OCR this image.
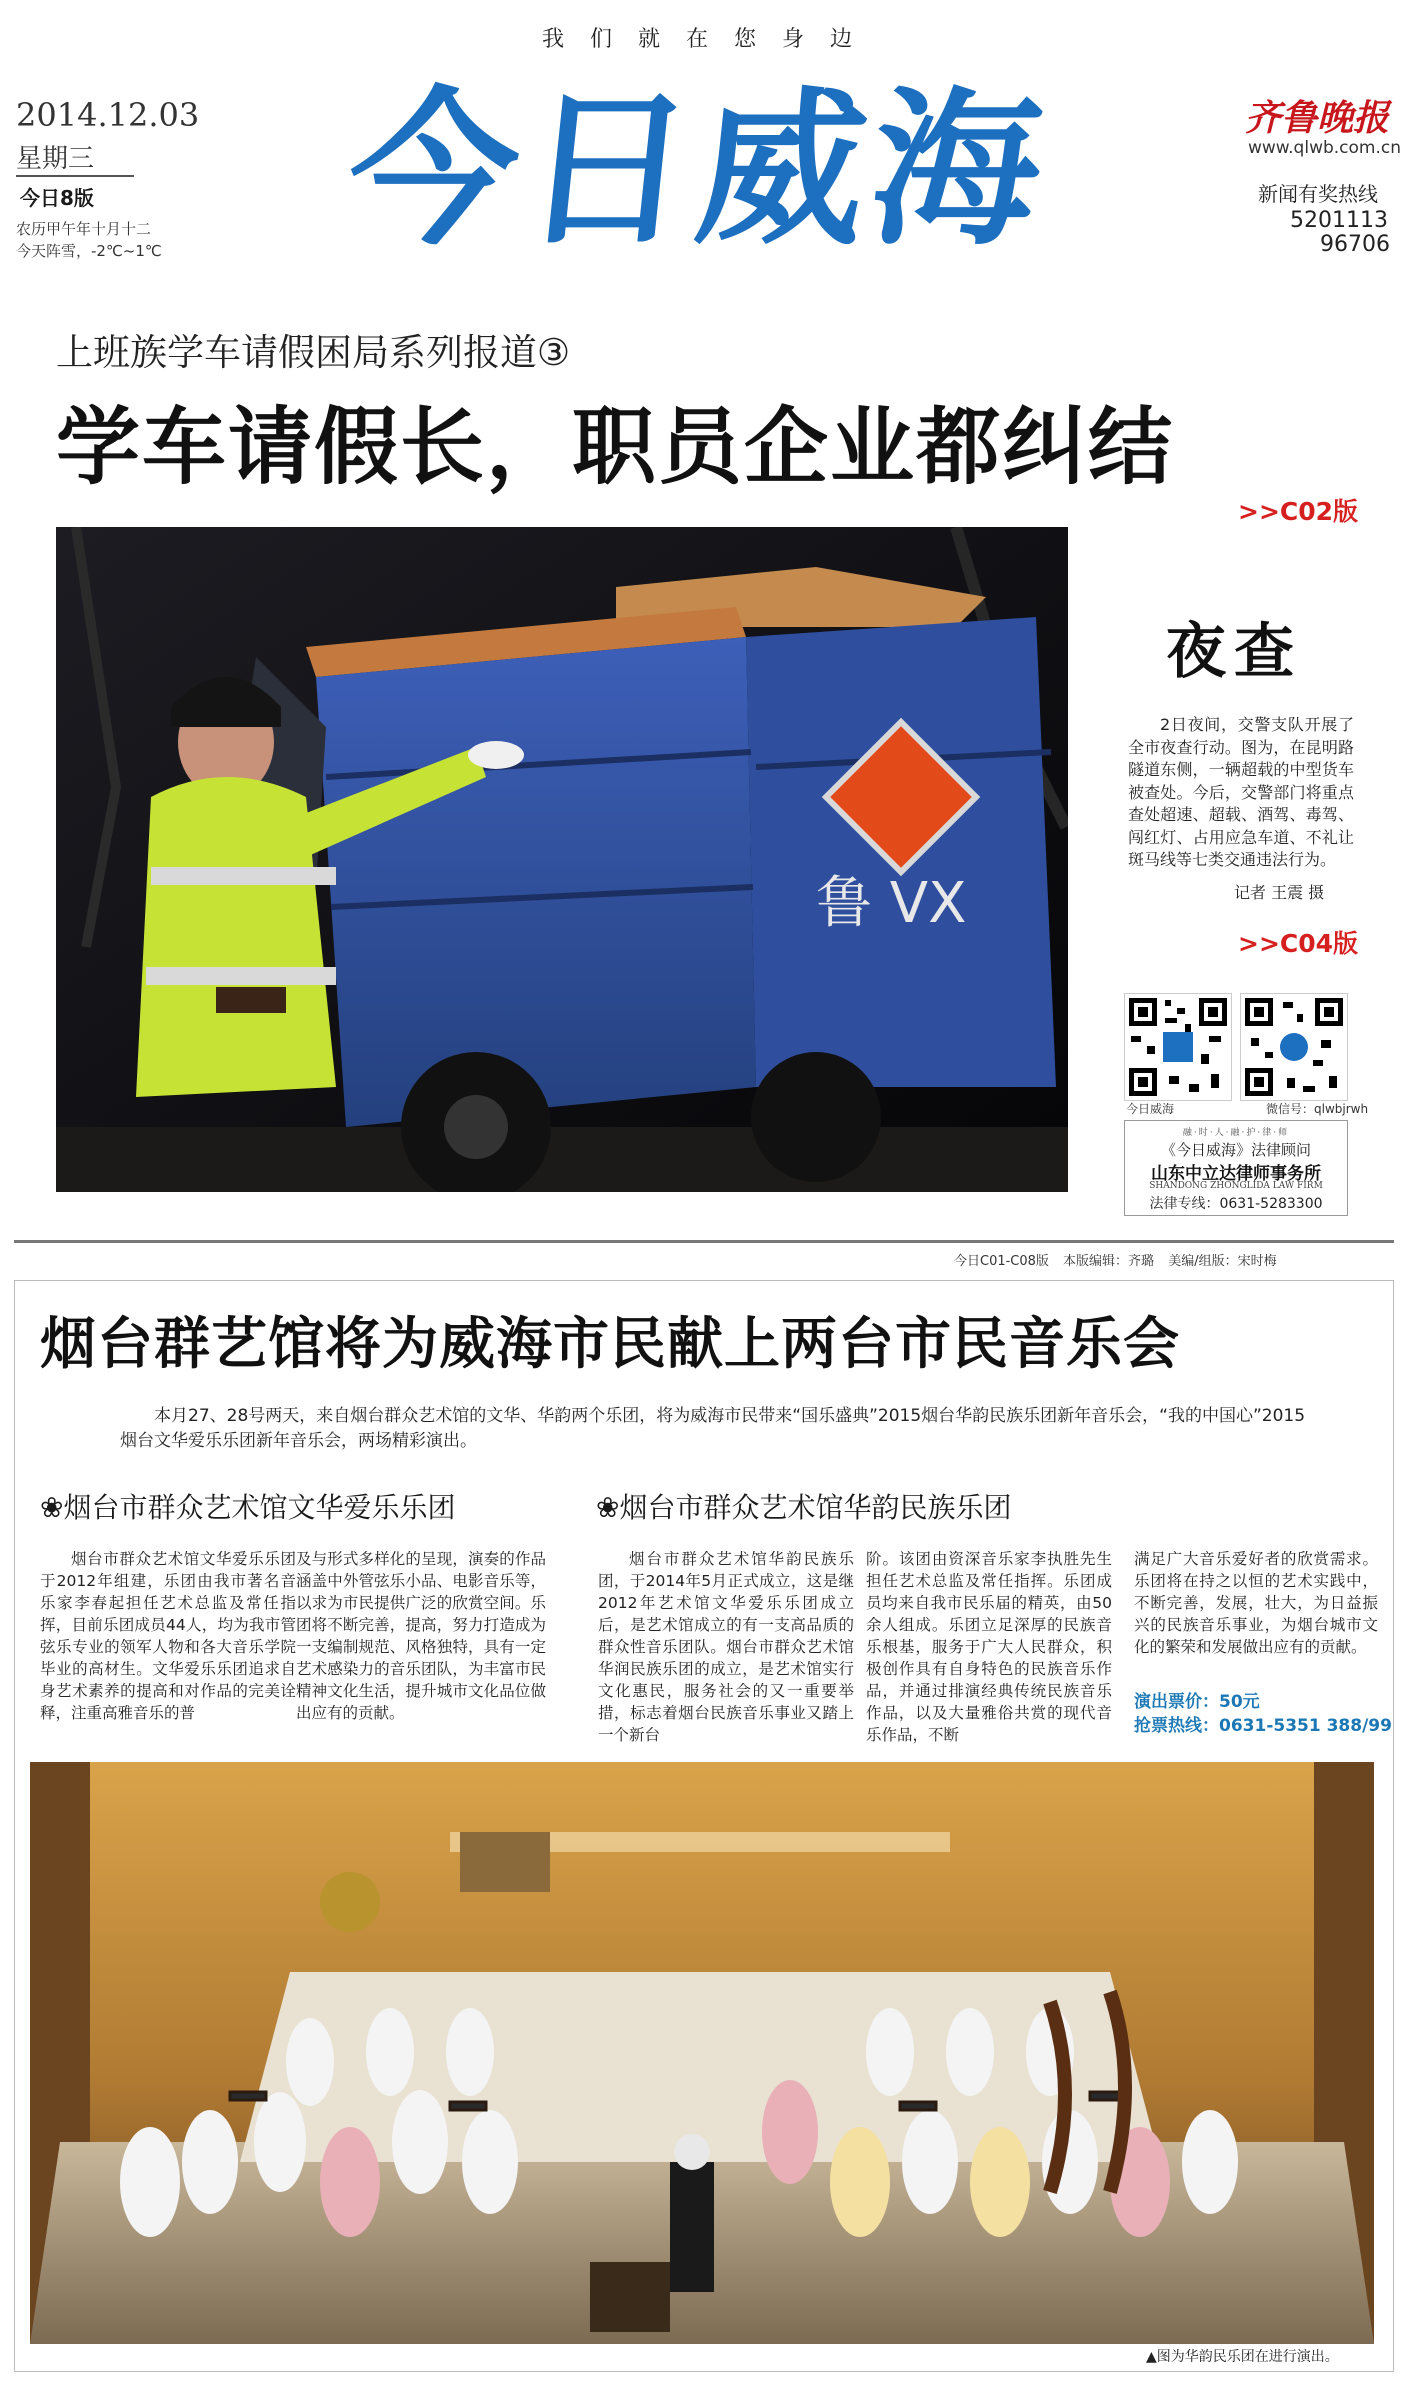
我们就在您身边
2014.12.03
星期三
今日8版
农历甲午年十月十二
今天阵雪，-2℃~1℃ 今日威海	齐鲁晚报
www.qlwb.com.cn
新闻有奖热线
5201113
96706
上班族学车请假困局系列报道③
学车请假长，职员企业都纠结
>>C02版
鲁 VX
夜查
2日夜间，交警支队开展了全市夜查行动。图为，在昆明路隧道东侧，一辆超载的中型货车被查处。今后，交警部门将重点查处超速、超载、酒驾、毒驾、闯红灯、占用应急车道、不礼让斑马线等七类交通违法行为。
记者 王震 摄
>>C04版
今日威海	微信号：qlwbjrwh
融·时·人·融·护·律·师
《今日威海》法律顾问
山东中立达律师事务所
SHANDONG ZHONGLIDA LAW FIRM
法律专线：0631-5283300
今日C01-C08版 本版编辑：齐璐 美编/组版：宋时梅
烟台群艺馆将为威海市民献上两台市民音乐会
本月27、28号两天，来自烟台群众艺术馆的文华、华韵两个乐团，将为威海市民带来“国乐盛典”2015烟台华韵民族乐团新年音乐会，“我的中国心”2015烟台文华爱乐乐团新年音乐会，两场精彩演出。
❀烟台市群众艺术馆文华爱乐乐团	❀烟台市群众艺术馆华韵民族乐团
烟台市群众艺术馆文华爱乐乐团于2012年组建，乐团由我市著名音乐家李春起担任艺术总监及常任指挥，目前乐团成员44人，均为我市管弦乐专业的领军人物和各大音乐学院毕业的高材生。文华爱乐乐团追求自身艺术素养的提高和对作品的完美诠释，注重高雅音乐的普
及与形式多样化的呈现，演奏的作品涵盖中外管弦乐小品、电影音乐等，以求为市民提供广泛的欣赏空间。乐团将不断完善，提高，努力打造成为一支编制规范、风格独特，具有一定艺术感染力的音乐团队，为丰富市民精神文化生活，提升城市文化品位做出应有的贡献。
烟台市群众艺术馆华韵民族乐团，于2014年5月正式成立，这是继2012年艺术馆文华爱乐乐团成立后，是艺术馆成立的有一支高品质的群众性音乐团队。烟台市群众艺术馆华润民族乐团的成立，是艺术馆实行文化惠民，服务社会的又一重要举措，标志着烟台民族音乐事业又踏上一个新台
阶。该团由资深音乐家李执胜先生担任艺术总监及常任指挥。乐团成员均来自我市民乐届的精英，由50余人组成。乐团立足深厚的民族音乐根基，服务于广大人民群众，积极创作具有自身特色的民族音乐作品，并通过排演经典传统民族音乐作品，以及大量雅俗共赏的现代音乐作品，不断
满足广大音乐爱好者的欣赏需求。乐团将在持之以恒的艺术实践中，不断完善，发展，壮大，为日益振兴的民族音乐事业，为烟台城市文化的繁荣和发展做出应有的贡献。
演出票价：50元
抢票热线：0631-5351 388/99
▲图为华韵民乐团在进行演出。
